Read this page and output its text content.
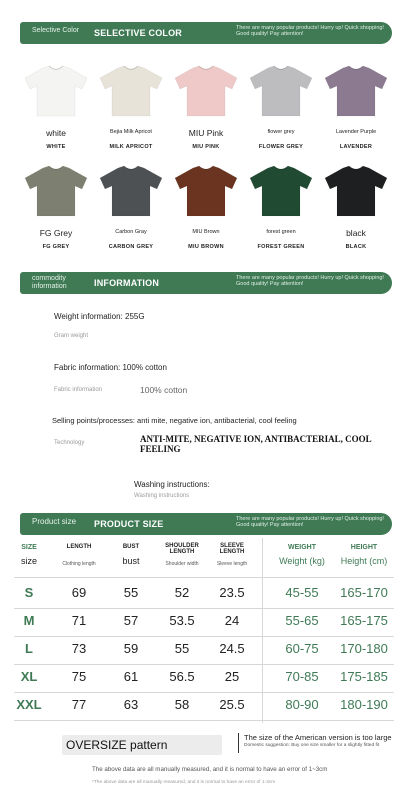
Selective Color SELECTIVE COLOR	There are many popular products! Hurry up! Quick shopping! Good quality! Pay attention!
white
WHITE
Bejia Milk Apricot
MILK APRICOT
MIU Pink
MIU PINK
flower grey
FLOWER GREY
Lavender Purple
LAVENDER
FG Grey
FG GREY
Carbon Gray
CARBON GREY
MIU Brown
MIU BROWN
forest green
FOREST GREEN
black
BLACK
commodity information	INFORMATION	There are many popular products! Hurry up! Quick shopping! Good quality! Pay attention!
Weight information: 255G
Gram weight
Fabric information: 100% cotton
Fabric information	100% cotton
Selling points/processes: anti mite, negative ion, antibacterial, cool feeling
Technology	ANTI-MITE, NEGATIVE ION, ANTIBACTERIAL, COOL FEELING
Washing instructions:
Washing instructions
Product size PRODUCT SIZE	There are many popular products! Hurry up! Quick shopping! Good quality! Pay attention!
SIZE
size
LENGTH
Clothing length
BUST
bust
SHOULDER LENGTH
Shoulder width
SLEEVE LENGTH
Sleeve length
WEIGHT
Weight (kg)
HEIGHT
Height (cm)
S	69	55	52	23.5	45-55	165-170
M	71	57	53.5	24	55-65	165-175
L	73	59	55	24.5	60-75	170-180
XL	75	61	56.5	25	70-85	175-185
XXL	77	63	58	25.5	80-90	180-190
OVERSIZE pattern
The size of the American version is too large
Domestic suggestion: Buy one size smaller for a slightly fitted fit
The above data are all manually measured, and it is normal to have an error of 1~3cm
*The above data are all manually measured, and it is normal to have an error of 1-3cm
